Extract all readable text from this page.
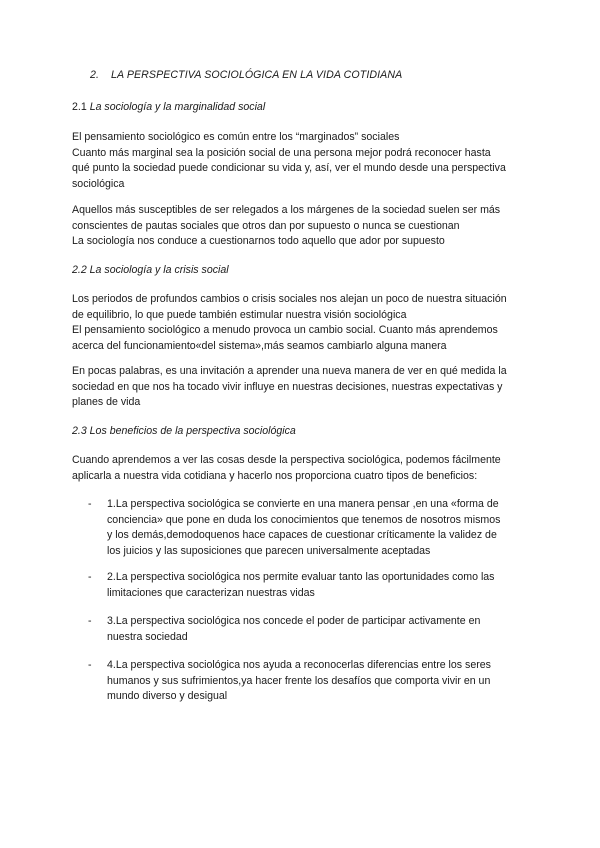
2. LA PERSPECTIVA SOCIOLÓGICA EN LA VIDA COTIDIANA
2.1 La sociología y la marginalidad social

El pensamiento sociológico es común entre los “marginados” sociales

Cuanto más marginal sea la posición social de una persona mejor podrá reconocer hasta

qué punto la sociedad puede condicionar su vida y, así, ver el mundo desde una perspectiva

sociológica

Aquellos más susceptibles de ser relegados a los márgenes de la sociedad suelen ser más

conscientes de pautas sociales que otros dan por supuesto o nunca se cuestionan

La sociología nos conduce a cuestionarnos todo aquello que ador por supuesto

2.2 La sociología y la crisis social

Los periodos de profundos cambios o crisis sociales nos alejan un poco de nuestra situación

de equilibrio, lo que puede también estimular nuestra visión sociológica

El pensamiento sociológico a menudo provoca un cambio social. Cuanto más aprendemos

acerca del funcionamiento«del sistema»,más seamos cambiarlo alguna manera

En pocas palabras, es una invitación a aprender una nueva manera de ver en qué medida la

sociedad en que nos ha tocado vivir influye en nuestras decisiones, nuestras expectativas y

planes de vida

2.3 Los beneficios de la perspectiva sociológica

Cuando aprendemos a ver las cosas desde la perspectiva sociológica, podemos fácilmente

aplicarla a nuestra vida cotidiana y hacerlo nos proporciona cuatro tipos de beneficios:

- 1.La perspectiva sociológica se convierte en una manera pensar ,en una «forma de

conciencia» que pone en duda los conocimientos que tenemos de nosotros mismos

y los demás,demodoquenos hace capaces de cuestionar críticamente la validez de

los juicios y las suposiciones que parecen universalmente aceptadas

- 2.La perspectiva sociológica nos permite evaluar tanto las oportunidades como las

limitaciones que caracterizan nuestras vidas

- 3.La perspectiva sociológica nos concede el poder de participar activamente en

nuestra sociedad

- 4.La perspectiva sociológica nos ayuda a reconocerlas diferencias entre los seres

humanos y sus sufrimientos,ya hacer frente los desafíos que comporta vivir en un

mundo diverso y desigual
